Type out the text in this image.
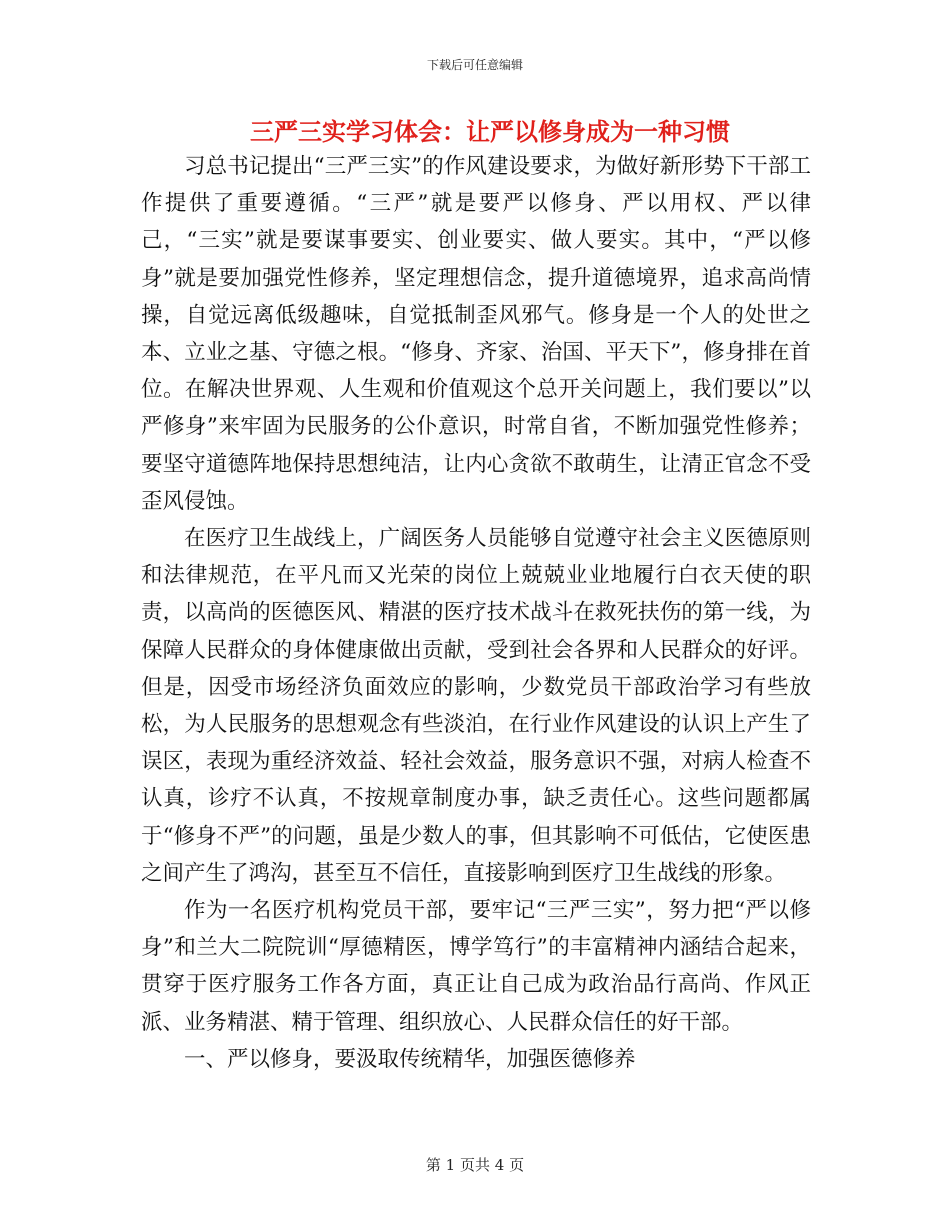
下载后可任意编辑
三严三实学习体会：让严以修身成为一种习惯

习总书记提出“三严三实”的作风建设要求，为做好新形势下干部工作提供了重要遵循。“三严”就是要严以修身、严以用权、严以律己，“三实”就是要谋事要实、创业要实、做人要实。其中，“严以修身”就是要加强党性修养，坚定理想信念，提升道德境界，追求高尚情操，自觉远离低级趣味，自觉抵制歪风邪气。修身是一个人的处世之本、立业之基、守德之根。“修身、齐家、治国、平天下”，修身排在首位。在解决世界观、人生观和价值观这个总开关问题上，我们要以”以严修身”来牢固为民服务的公仆意识，时常自省，不断加强党性修养；要坚守道德阵地保持思想纯洁，让内心贪欲不敢萌生，让清正官念不受歪风侵蚀。

在医疗卫生战线上，广阔医务人员能够自觉遵守社会主义医德原则和法律规范，在平凡而又光荣的岗位上兢兢业业地履行白衣天使的职责，以高尚的医德医风、精湛的医疗技术战斗在救死扶伤的第一线，为保障人民群众的身体健康做出贡献，受到社会各界和人民群众的好评。但是，因受市场经济负面效应的影响，少数党员干部政治学习有些放松，为人民服务的思想观念有些淡泊，在行业作风建设的认识上产生了误区，表现为重经济效益、轻社会效益，服务意识不强，对病人检查不认真，诊疗不认真，不按规章制度办事，缺乏责任心。这些问题都属于“修身不严”的问题，虽是少数人的事，但其影响不可低估，它使医患之间产生了鸿沟，甚至互不信任，直接影响到医疗卫生战线的形象。

作为一名医疗机构党员干部，要牢记“三严三实”，努力把“严以修身”和兰大二院院训“厚德精医，博学笃行”的丰富精神内涵结合起来，贯穿于医疗服务工作各方面，真正让自己成为政治品行高尚、作风正派、业务精湛、精于管理、组织放心、人民群众信任的好干部。

一、严以修身，要汲取传统精华，加强医德修养

第 1 页共 4 页
